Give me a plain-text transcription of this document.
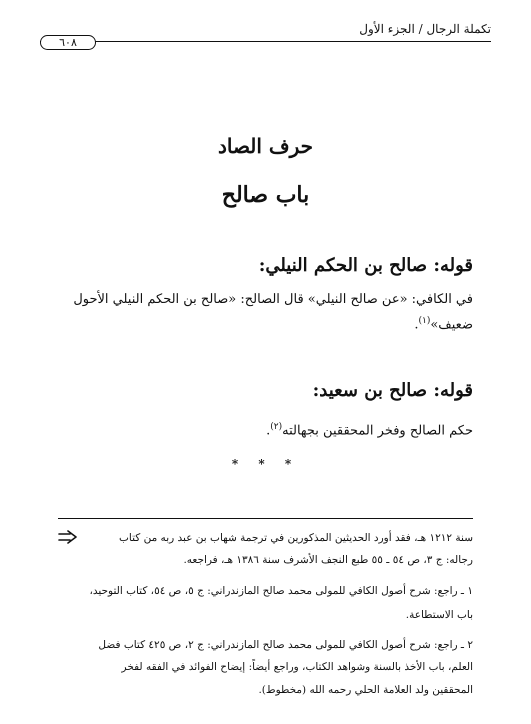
تكملة الرجال / الجزء الأول
٦٠٨
حرف الصاد
باب صالح
قوله: صالح بن الحكم النيلي:
في الكافي: «عن صالح النيلي» قال الصالح: «صالح بن الحكم النيلي الأحول
ضعيف»$^{(١)}$.
قوله: صالح بن سعيد:
حكم الصالح وفخر المحققين بجهالته$^{(٢)}$.
* * *
سنة ١٢١٢ هـ، فقد أورد الحديثين المذكورين في ترجمة شهاب بن عبد ربه من كتاب
رجاله: ج ٣، ص ٥٤ ـ ٥٥ طبع النجف الأشرف سنة ١٣٨٦ هـ، فراجعه.
١ ـ راجع: شرح أصول الكافي للمولى محمد صالح المازندراني: ج ٥، ص ٥٤، كتاب التوحيد،
باب الاستطاعة.
٢ ـ راجع: شرح أصول الكافي للمولى محمد صالح المازندراني: ج ٢، ص ٤٢٥ كتاب فضل
العلم، باب الأخذ بالسنة وشواهد الكتاب، وراجع أيضاً: إيضاح الفوائد في الفقه لفخر
المحققين ولد العلامة الحلي رحمه الله (مخطوط).
